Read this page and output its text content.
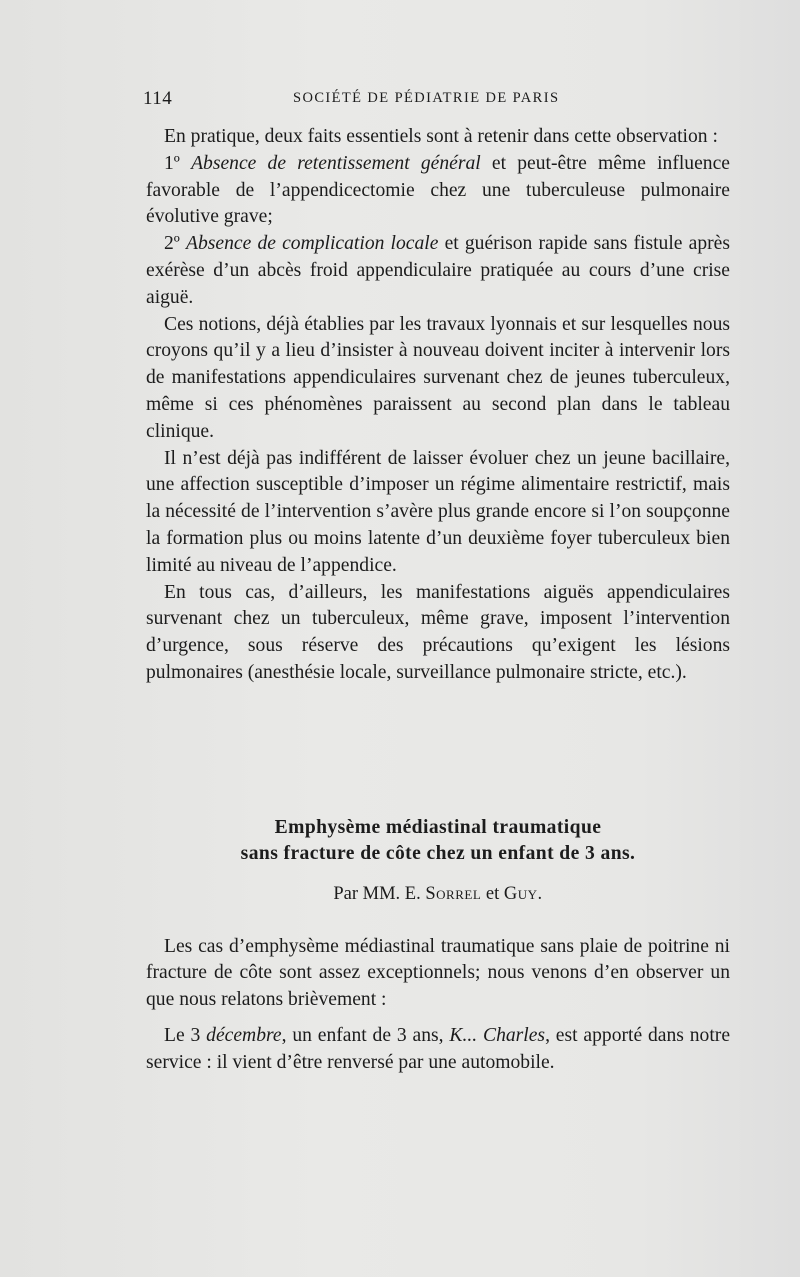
114	SOCIÉTÉ DE PÉDIATRIE DE PARIS

En pratique, deux faits essentiels sont à retenir dans cette observation :

1º Absence de retentissement général et peut-être même influence favorable de l’appendicectomie chez une tuberculeuse pulmonaire évolutive grave;

2º Absence de complication locale et guérison rapide sans fistule après exérèse d’un abcès froid appendiculaire pratiquée au cours d’une crise aiguë.

Ces notions, déjà établies par les travaux lyonnais et sur lesquelles nous croyons qu’il y a lieu d’insister à nouveau doivent inciter à intervenir lors de manifestations appendiculaires survenant chez de jeunes tuberculeux, même si ces phénomènes paraissent au second plan dans le tableau clinique.

Il n’est déjà pas indifférent de laisser évoluer chez un jeune bacillaire, une affection susceptible d’imposer un régime alimentaire restrictif, mais la nécessité de l’intervention s’avère plus grande encore si l’on soupçonne la formation plus ou moins latente d’un deuxième foyer tuberculeux bien limité au niveau de l’appendice.

En tous cas, d’ailleurs, les manifestations aiguës appendiculaires survenant chez un tuberculeux, même grave, imposent l’intervention d’urgence, sous réserve des précautions qu’exigent les lésions pulmonaires (anesthésie locale, surveillance pulmonaire stricte, etc.).

Emphysème médiastinal traumatique
sans fracture de côte chez un enfant de 3 ans.
Par MM. E. Sorrel et Guy.

Les cas d’emphysème médiastinal traumatique sans plaie de poitrine ni fracture de côte sont assez exceptionnels; nous venons d’en observer un que nous relatons brièvement :

Le 3 décembre, un enfant de 3 ans, K... Charles, est apporté dans notre service : il vient d’être renversé par une automobile.
